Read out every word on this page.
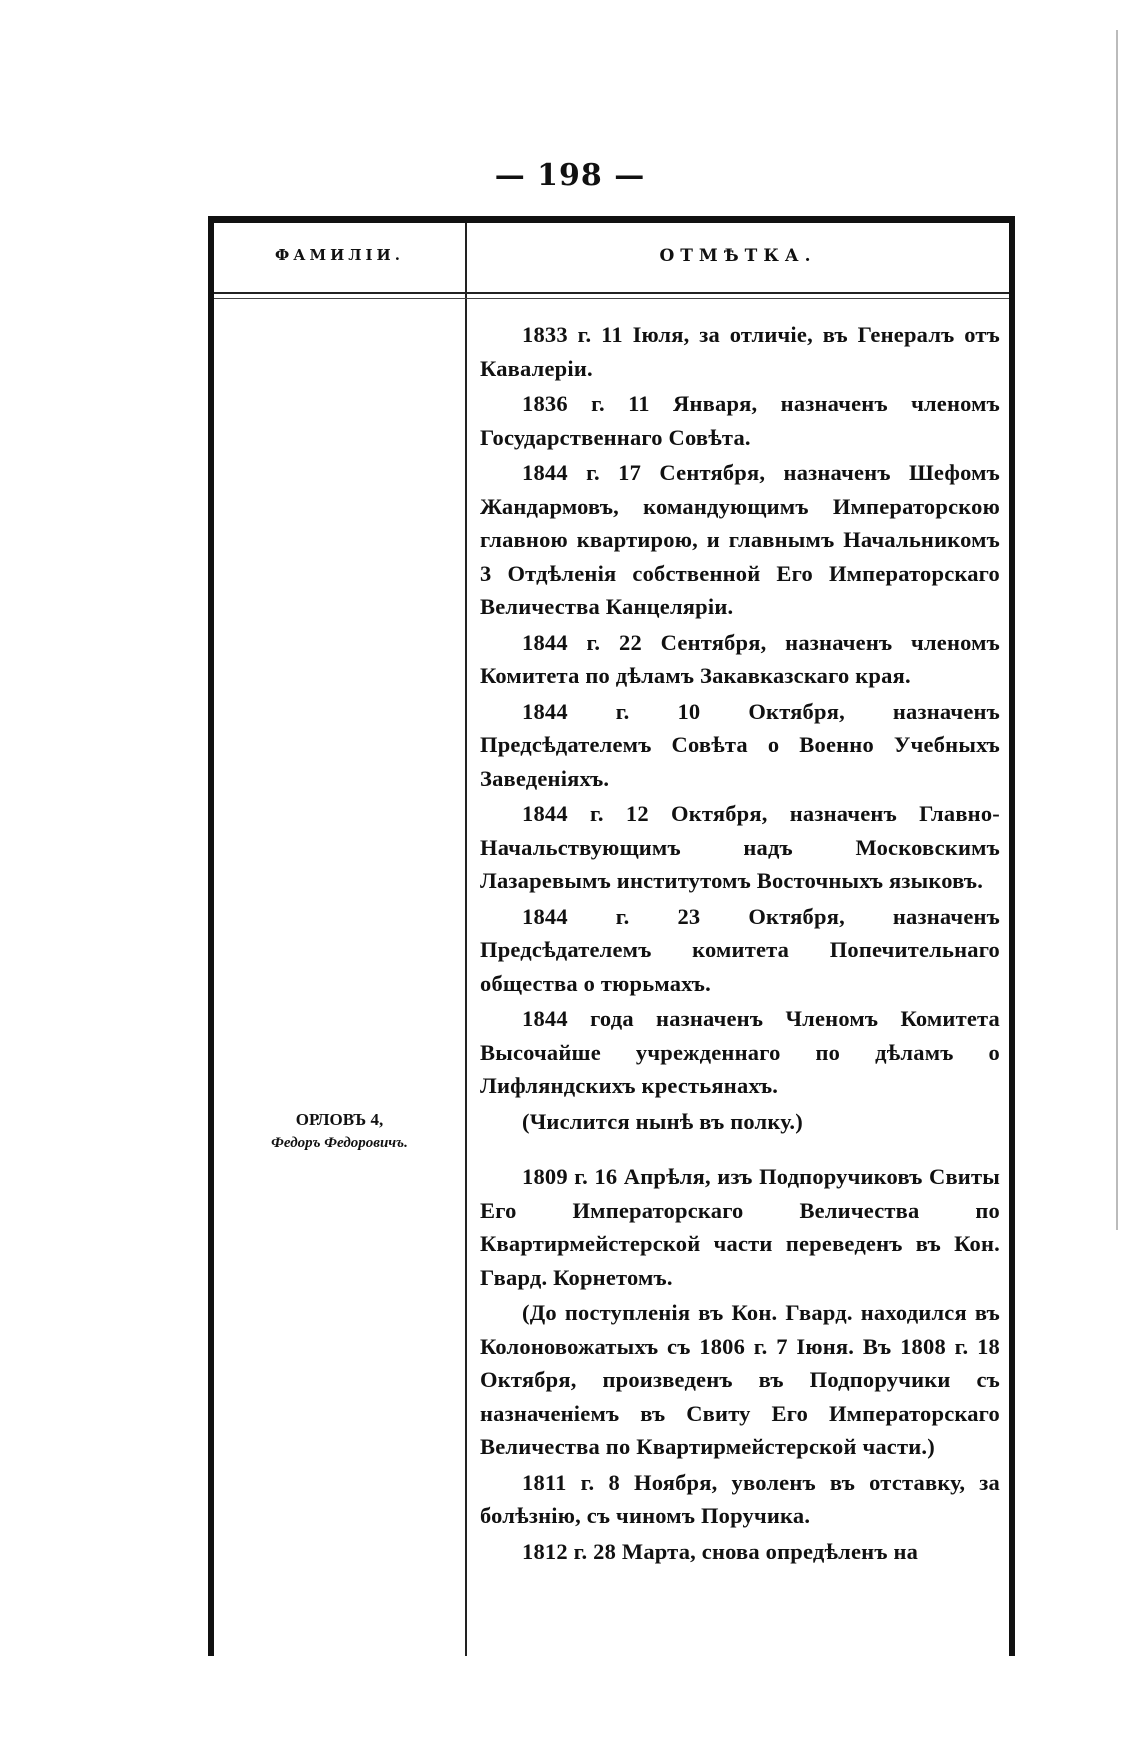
— 198 —
ФАМИЛIИ.	ОТМѢТКА.
ОРЛОВЪ 4,
Федоръ Федоровичъ.

1833 г. 11 Iюля, за отличіе, въ Генералъ отъ Кавалеріи.

1836 г. 11 Января, назначенъ членомъ Государственнаго Совѣта.

1844 г. 17 Сентября, назначенъ Шефомъ Жандармовъ, командующимъ Императорскою главною квартирою, и главнымъ Начальникомъ 3 Отдѣленія собственной Его Императорскаго Величества Канцеляріи.

1844 г. 22 Сентября, назначенъ членомъ Комитета по дѣламъ Закавказскаго края.

1844 г. 10 Октября, назначенъ Предсѣдателемъ Совѣта о Военно Учебныхъ Заведеніяхъ.

1844 г. 12 Октября, назначенъ Главно-Начальствующимъ надъ Московскимъ Лазаревымъ институтомъ Восточныхъ языковъ.

1844 г. 23 Октября, назначенъ Предсѣдателемъ комитета Попечительнаго общества о тюрьмахъ.

1844 года назначенъ Членомъ Комитета Высочайше учрежденнаго по дѣламъ о Лифляндскихъ крестьянахъ.

(Числится нынѣ въ полку.)

1809 г. 16 Апрѣля, изъ Подпоручиковъ Свиты Его Императорскаго Величества по Квартирмейстерской части переведенъ въ Кон. Гвард. Корнетомъ.

(До поступленія въ Кон. Гвард. находился въ Колоновожатыхъ съ 1806 г. 7 Iюня. Въ 1808 г. 18 Октября, произведенъ въ Подпоручики съ назначеніемъ въ Свиту Его Императорскаго Величества по Квартирмейстерской части.)

1811 г. 8 Ноября, уволенъ въ отставку, за болѣзнію, съ чиномъ Поручика.

1812 г. 28 Марта, снова опредѣленъ на
